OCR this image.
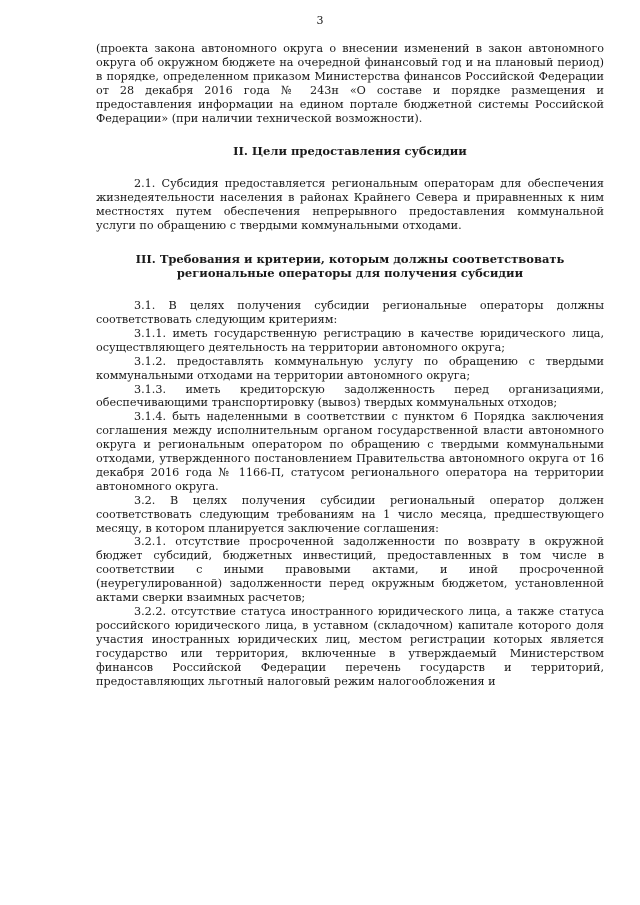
3

(проекта закона автономного округа о внесении изменений в закон автономного округа об окружном бюджете на очередной финансовый год и на плановый период) в порядке, определенном приказом Министерства финансов Российской Федерации от 28 декабря 2016 года № 243н «О составе и порядке размещения и предоставления информации на едином портале бюджетной системы Российской Федерации» (при наличии технической возможности).

II. Цели предоставления субсидии

2.1. Субсидия предоставляется региональным операторам для обеспечения жизнедеятельности населения в районах Крайнего Севера и приравненных к ним местностях путем обеспечения непрерывного предоставления коммунальной услуги по обращению с твердыми коммунальными отходами.

III. Требования и критерии, которым должны соответствовать
региональные операторы для получения субсидии

3.1. В целях получения субсидии региональные операторы должны соответствовать следующим критериям:

3.1.1. иметь государственную регистрацию в качестве юридического лица, осуществляющего деятельность на территории автономного округа;

3.1.2. предоставлять коммунальную услугу по обращению с твердыми коммунальными отходами на территории автономного округа;

3.1.3. иметь кредиторскую задолженность перед организациями, обеспечивающими транспортировку (вывоз) твердых коммунальных отходов;

3.1.4. быть наделенными в соответствии с пунктом 6 Порядка заключения соглашения между исполнительным органом государственной власти автономного округа и региональным оператором по обращению с твердыми коммунальными отходами, утвержденного постановлением Правительства автономного округа от 16 декабря 2016 года № 1166-П, статусом регионального оператора на территории автономного округа.

3.2. В целях получения субсидии региональный оператор должен соответствовать следующим требованиям на 1 число месяца, предшествующего месяцу, в котором планируется заключение соглашения:

3.2.1. отсутствие просроченной задолженности по возврату в окружной бюджет субсидий, бюджетных инвестиций, предоставленных в том числе в соответствии с иными правовыми актами, и иной просроченной (неурегулированной) задолженности перед окружным бюджетом, установленной актами сверки взаимных расчетов;

3.2.2. отсутствие статуса иностранного юридического лица, а также статуса российского юридического лица, в уставном (складочном) капитале которого доля участия иностранных юридических лиц, местом регистрации которых является государство или территория, включенные в утверждаемый Министерством финансов Российской Федерации перечень государств и территорий, предоставляющих льготный налоговый режим налогообложения и
